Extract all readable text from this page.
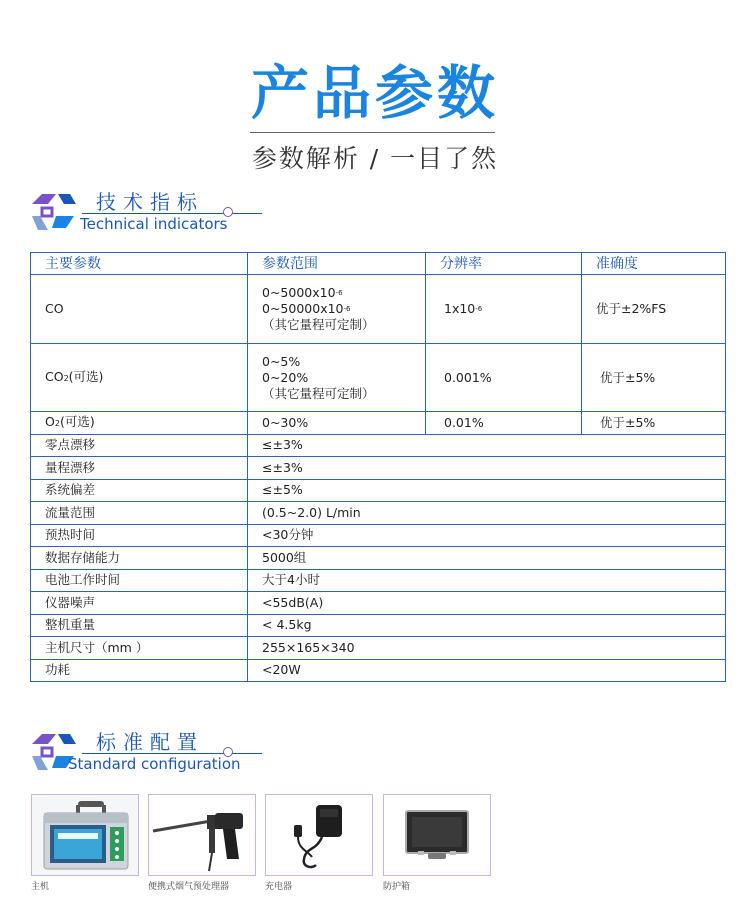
产品参数
参数解析 / 一目了然
技术指标
Technical indicators
主要参数	参数范围	分辨率	准确度
CO	$0\sim 5000x10^{-6}$
$0\sim 50000x10^{-6}$
（其它量程可定制）	$1x10^{-6}$	优于±2%FS
CO2(可选)	0~5%
0~20%
（其它量程可定制）	0.001%	优于±5%
O2(可选)	0~30%	0.01%	优于±5%
零点漂移	≤±3%		
量程漂移	≤±3%		
系统偏差	≤±5%		
流量范围	(0.5~2.0) L/min		
预热时间	<30分钟		
数据存储能力	5000组		
电池工作时间	大于4小时		
仪器噪声	<55dB(A)		
整机重量	< 4.5kg		
主机尺寸（mm ）	255×165×340		
功耗	<20W		
标准配置
Standard configuration
主机	便携式烟气预处理器	充电器	防护箱
